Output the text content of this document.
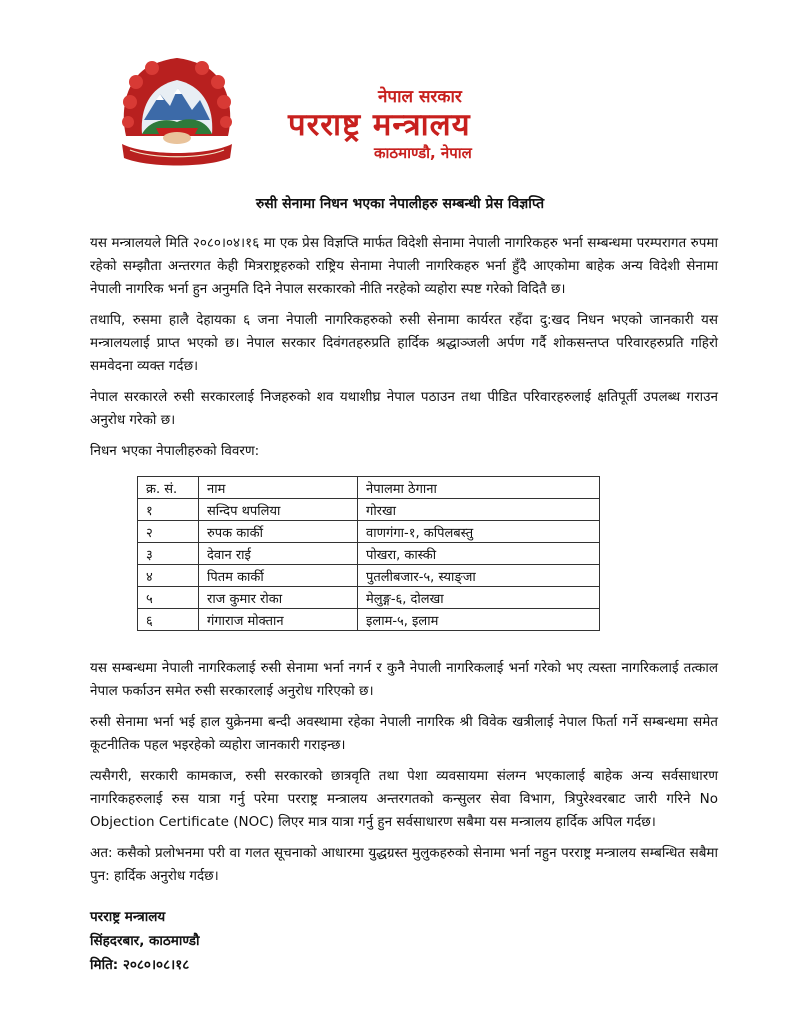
नेपाल सरकार
परराष्ट्र मन्त्रालय
काठमाण्डौ, नेपाल
रुसी सेनामा निधन भएका नेपालीहरु सम्बन्धी प्रेस विज्ञप्ति

यस मन्त्रालयले मिति २०८०।०४।१६ मा एक प्रेस विज्ञप्ति मार्फत विदेशी सेनामा नेपाली नागरिकहरु भर्ना सम्बन्धमा परम्परागत रुपमा रहेको सम्झौता अन्तरगत केही मित्रराष्ट्रहरुको राष्ट्रिय सेनामा नेपाली नागरिकहरु भर्ना हुँदै आएकोमा बाहेक अन्य विदेशी सेनामा नेपाली नागरिक भर्ना हुन अनुमति दिने नेपाल सरकारको नीति नरहेको व्यहोरा स्पष्ट गरेको विदितै छ।

तथापि, रुसमा हालै देहायका ६ जना नेपाली नागरिकहरुको रुसी सेनामा कार्यरत रहँदा दु:खद निधन भएको जानकारी यस मन्त्रालयलाई प्राप्त भएको छ। नेपाल सरकार दिवंगतहरुप्रति हार्दिक श्रद्धाञ्जली अर्पण गर्दै शोकसन्तप्त परिवारहरुप्रति गहिरो समवेदना व्यक्त गर्दछ।

नेपाल सरकारले रुसी सरकारलाई निजहरुको शव यथाशीघ्र नेपाल पठाउन तथा पीडित परिवारहरुलाई क्षतिपूर्ती उपलब्ध गराउन अनुरोध गरेको छ।

निधन भएका नेपालीहरुको विवरण:

क्र. सं.	नाम	नेपालमा ठेगाना
१	सन्दिप थपलिया	गोरखा
२	रुपक कार्की	वाणगंगा-१, कपिलबस्तु
३	देवान राई	पोखरा, कास्की
४	पितम कार्की	पुतलीबजार-५, स्याङ्‌जा
५	राज कुमार रोका	मेलुङ्ग-६, दोलखा
६	गंगाराज मोक्तान	इलाम-५, इलाम

यस सम्बन्धमा नेपाली नागरिकलाई रुसी सेनामा भर्ना नगर्न र कुनै नेपाली नागरिकलाई भर्ना गरेको भए त्यस्ता नागरिकलाई तत्काल नेपाल फर्काउन समेत रुसी सरकारलाई अनुरोध गरिएको छ।

रुसी सेनामा भर्ना भई हाल युक्रेनमा बन्दी अवस्थामा रहेका नेपाली नागरिक श्री विवेक खत्रीलाई नेपाल फिर्ता गर्ने सम्बन्धमा समेत कूटनीतिक पहल भइरहेको व्यहोरा जानकारी गराइन्छ।

त्यसैगरी, सरकारी कामकाज, रुसी सरकारको छात्रवृति तथा पेशा व्यवसायमा संलग्न भएकालाई बाहेक अन्य सर्वसाधारण नागरिकहरुलाई रुस यात्रा गर्नु परेमा परराष्ट्र मन्त्रालय अन्तरगतको कन्सुलर सेवा विभाग, त्रिपुरेश्वरबाट जारी गरिने No Objection Certificate (NOC) लिएर मात्र यात्रा गर्नु हुन सर्वसाधारण सबैमा यस मन्त्रालय हार्दिक अपिल गर्दछ।

अत: कसैको प्रलोभनमा परी वा गलत सूचनाको आधारमा युद्धग्रस्त मुलुकहरुको सेनामा भर्ना नहुन परराष्ट्र मन्त्रालय सम्बन्धित सबैमा पुन: हार्दिक अनुरोध गर्दछ।

परराष्ट्र मन्त्रालय
सिंहदरबार, काठमाण्डौ
मिति: २०८०।०८।१८
